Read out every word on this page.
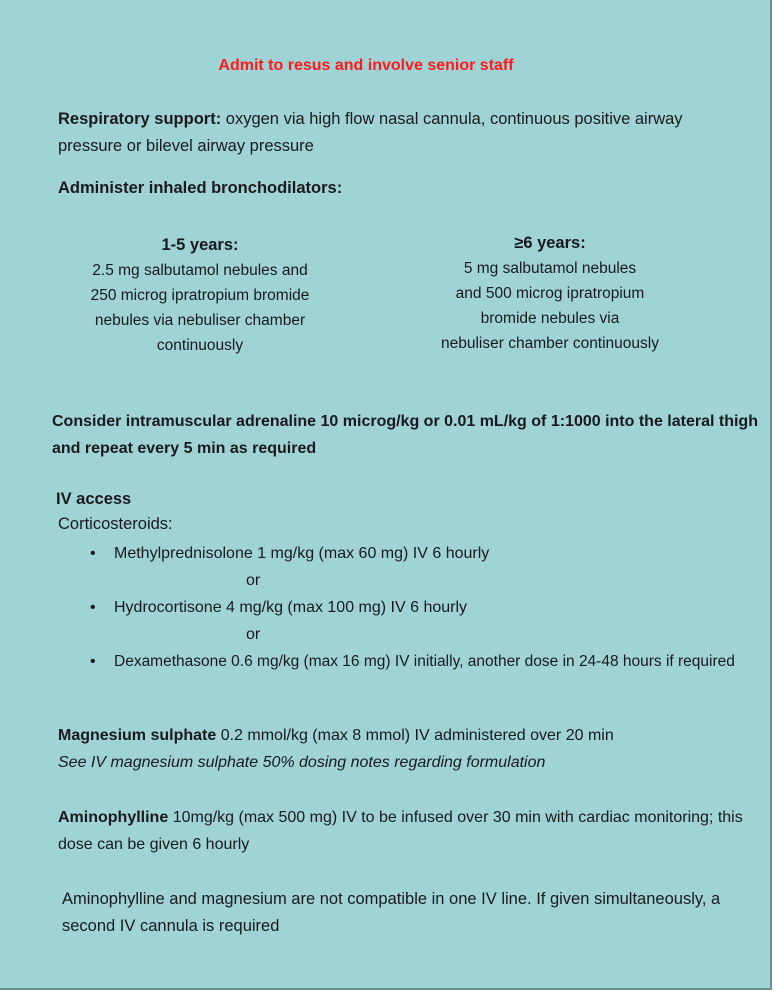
Admit to resus and involve senior staff
Respiratory support: oxygen via high flow nasal cannula, continuous positive airway pressure or bilevel airway pressure
Administer inhaled bronchodilators:
1-5 years:
2.5 mg salbutamol nebules and
250 microg ipratropium bromide
nebules via nebuliser chamber
continuously
≥6 years:
5 mg salbutamol nebules
and 500 microg ipratropium
bromide nebules via
nebuliser chamber continuously
Consider intramuscular adrenaline 10 microg/kg or 0.01 mL/kg of 1:1000 into the lateral thigh and repeat every 5 min as required
IV access
Corticosteroids:
• Methylprednisolone 1 mg/kg (max 60 mg) IV 6 hourly
or
• Hydrocortisone 4 mg/kg (max 100 mg) IV 6 hourly
or
• Dexamethasone 0.6 mg/kg (max 16 mg) IV initially, another dose in 24-48 hours if required
Magnesium sulphate 0.2 mmol/kg (max 8 mmol) IV administered over 20 min
See IV magnesium sulphate 50% dosing notes regarding formulation
Aminophylline 10mg/kg (max 500 mg) IV to be infused over 30 min with cardiac monitoring; this dose can be given 6 hourly
Aminophylline and magnesium are not compatible in one IV line. If given simultaneously, a second IV cannula is required
